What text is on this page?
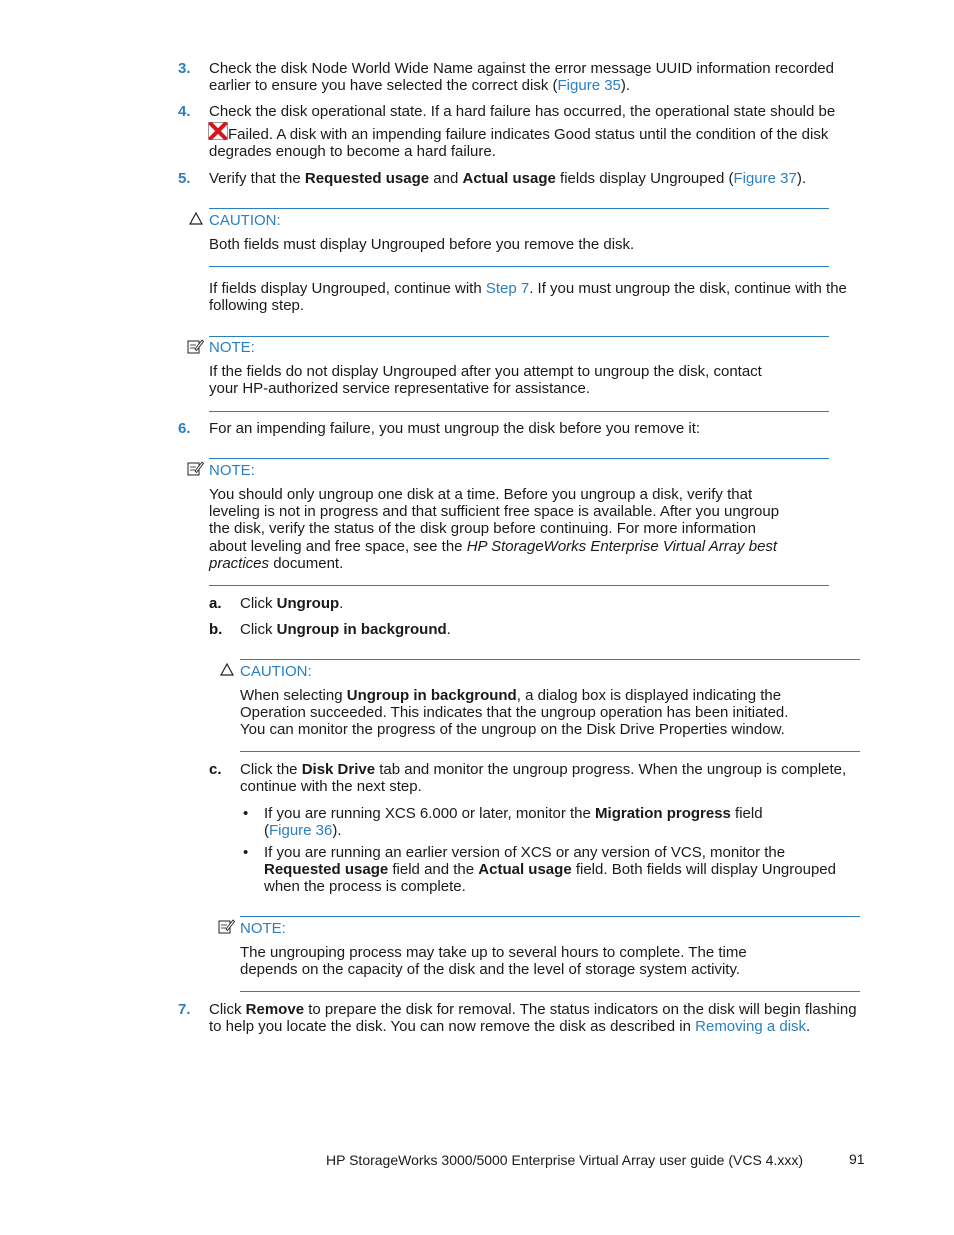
3. Check the disk Node World Wide Name against the error message UUID information recorded
earlier to ensure you have selected the correct disk (Figure 35).
4. Check the disk operational state. If a hard failure has occurred, the operational state should be
Failed. A disk with an impending failure indicates Good status until the condition of the disk
degrades enough to become a hard failure.
5. Verify that the Requested usage and Actual usage fields display Ungrouped (Figure 37).
CAUTION:
Both fields must display Ungrouped before you remove the disk.
If fields display Ungrouped, continue with Step 7. If you must ungroup the disk, continue with the
following step.
NOTE:
If the fields do not display Ungrouped after you attempt to ungroup the disk, contact
your HP-authorized service representative for assistance.
6. For an impending failure, you must ungroup the disk before you remove it:
NOTE:
You should only ungroup one disk at a time. Before you ungroup a disk, verify that
leveling is not in progress and that sufficient free space is available. After you ungroup
the disk, verify the status of the disk group before continuing. For more information
about leveling and free space, see the HP StorageWorks Enterprise Virtual Array best
practices document.
a. Click Ungroup.
b. Click Ungroup in background.
CAUTION:
When selecting Ungroup in background, a dialog box is displayed indicating the
Operation succeeded. This indicates that the ungroup operation has been initiated.
You can monitor the progress of the ungroup on the Disk Drive Properties window.
c. Click the Disk Drive tab and monitor the ungroup progress. When the ungroup is complete,
continue with the next step.
• If you are running XCS 6.000 or later, monitor the Migration progress field
(Figure 36).
• If you are running an earlier version of XCS or any version of VCS, monitor the
Requested usage field and the Actual usage field. Both fields will display Ungrouped
when the process is complete.
NOTE:
The ungrouping process may take up to several hours to complete. The time
depends on the capacity of the disk and the level of storage system activity.
7. Click Remove to prepare the disk for removal. The status indicators on the disk will begin flashing
to help you locate the disk. You can now remove the disk as described in Removing a disk.
HP StorageWorks 3000/5000 Enterprise Virtual Array user guide (VCS 4.xxx)	91
